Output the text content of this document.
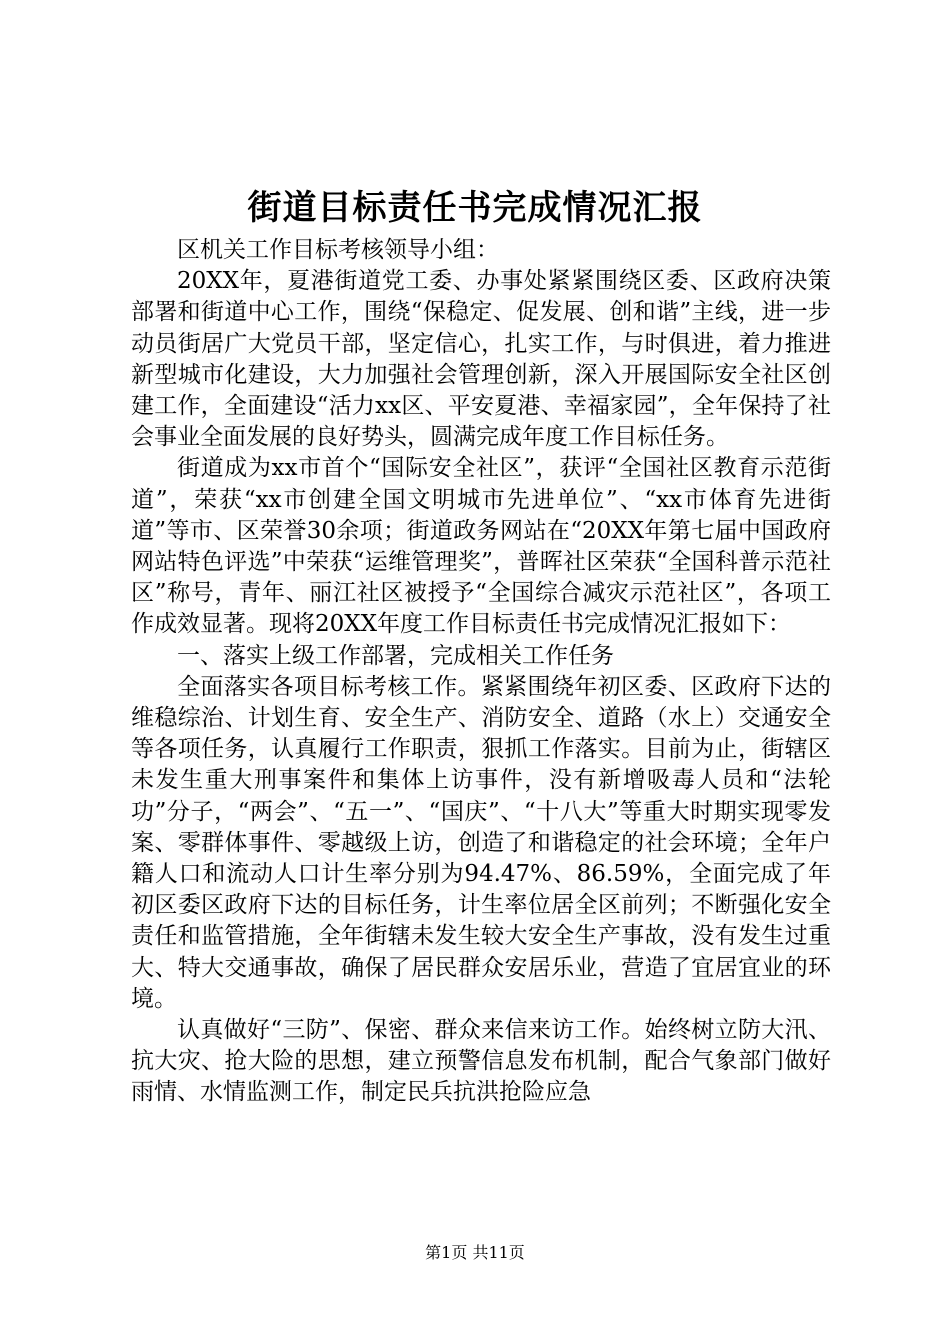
街道目标责任书完成情况汇报

区机关工作目标考核领导小组：

20XX年，夏港街道党工委、办事处紧紧围绕区委、区政府决策部署和街道中心工作，围绕“保稳定、促发展、创和谐”主线，进一步动员街居广大党员干部，坚定信心，扎实工作，与时俱进，着力推进新型城市化建设，大力加强社会管理创新，深入开展国际安全社区创建工作，全面建设“活力xx区、平安夏港、幸福家园”，全年保持了社会事业全面发展的良好势头，圆满完成年度工作目标任务。

街道成为xx市首个“国际安全社区”，获评“全国社区教育示范街道”，荣获“xx市创建全国文明城市先进单位”、“xx市体育先进街道”等市、区荣誉30余项；街道政务网站在“20XX年第七届中国政府网站特色评选”中荣获“运维管理奖”，普晖社区荣获“全国科普示范社区”称号，青年、丽江社区被授予“全国综合减灾示范社区”，各项工作成效显著。现将20XX年度工作目标责任书完成情况汇报如下：

一、落实上级工作部署，完成相关工作任务

全面落实各项目标考核工作。紧紧围绕年初区委、区政府下达的维稳综治、计划生育、安全生产、消防安全、道路（水上）交通安全等各项任务，认真履行工作职责，狠抓工作落实。目前为止，街辖区未发生重大刑事案件和集体上访事件，没有新增吸毒人员和“法轮功”分子，“两会”、“五一”、“国庆”、“十八大”等重大时期实现零发案、零群体事件、零越级上访，创造了和谐稳定的社会环境；全年户籍人口和流动人口计生率分别为94.47%、86.59%，全面完成了年初区委区政府下达的目标任务，计生率位居全区前列；不断强化安全责任和监管措施，全年街辖未发生较大安全生产事故，没有发生过重大、特大交通事故，确保了居民群众安居乐业，营造了宜居宜业的环境。

认真做好“三防”、保密、群众来信来访工作。始终树立防大汛、抗大灾、抢大险的思想，建立预警信息发布机制，配合气象部门做好雨情、水情监测工作，制定民兵抗洪抢险应急

第1页 共11页
